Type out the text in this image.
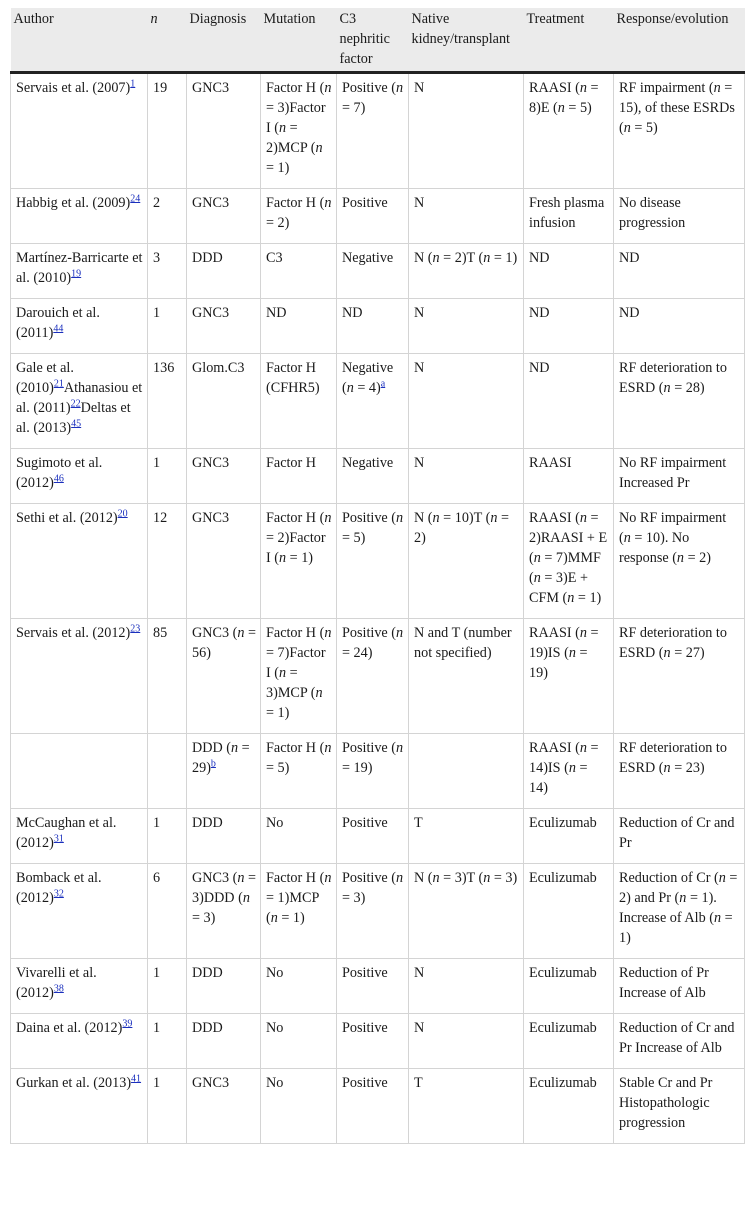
Author	n	Diagnosis	Mutation	C3 nephritic factor	Native kidney/transplant	Treatment	Response/evolution
Servais et al. (2007)$^1$	19	GNC3	Factor H (n = 3)Factor I (n = 2)MCP (n = 1)	Positive (n = 7)	N	RAASI (n = 8)E (n = 5)	RF impairment (n = 15), of these ESRDs (n = 5)
Habbig et al. (2009)$^{24}$	2	GNC3	Factor H (n = 2)	Positive	N	Fresh plasma infusion	No disease progression
Martínez-Barricarte et al. (2010)$^{19}$	3	DDD	C3	Negative	N (n = 2)T (n = 1)	ND	ND
Darouich et al. (2011)$^{44}$	1	GNC3	ND	ND	N	ND	ND
Gale et al. (2010)$^{21}$Athanasiou et al. (2011)$^{22}$Deltas et al. (2013)$^{45}$	136	Glom.C3	Factor H (CFHR5)	Negative (n = 4)$^a$	N	ND	RF deterioration to ESRD (n = 28)
Sugimoto et al. (2012)$^{46}$	1	GNC3	Factor H	Negative	N	RAASI	No RF impairment Increased Pr
Sethi et al. (2012)$^{20}$	12	GNC3	Factor H (n = 2)Factor I (n = 1)	Positive (n = 5)	N (n = 10)T (n = 2)	RAASI (n = 2)RAASI + E (n = 7)MMF (n = 3)E + CFM (n = 1)	No RF impairment (n = 10). No response (n = 2)
Servais et al. (2012)$^{23}$	85	GNC3 (n = 56)	Factor H (n = 7)Factor I (n = 3)MCP (n = 1)	Positive (n = 24)	N and T (number not specified)	RAASI (n = 19)IS (n = 19)	RF deterioration to ESRD (n = 27)
		DDD (n = 29)$^b$	Factor H (n = 5)	Positive (n = 19)		RAASI (n = 14)IS (n = 14)	RF deterioration to ESRD (n = 23)
McCaughan et al. (2012)$^{31}$	1	DDD	No	Positive	T	Eculizumab	Reduction of Cr and Pr
Bomback et al. (2012)$^{32}$	6	GNC3 (n = 3)DDD (n = 3)	Factor H (n = 1)MCP (n = 1)	Positive (n = 3)	N (n = 3)T (n = 3)	Eculizumab	Reduction of Cr (n = 2) and Pr (n = 1). Increase of Alb (n = 1)
Vivarelli et al. (2012)$^{38}$	1	DDD	No	Positive	N	Eculizumab	Reduction of Pr Increase of Alb
Daina et al. (2012)$^{39}$	1	DDD	No	Positive	N	Eculizumab	Reduction of Cr and Pr Increase of Alb
Gurkan et al. (2013)$^{41}$	1	GNC3	No	Positive	T	Eculizumab	Stable Cr and Pr Histopathologic progression
